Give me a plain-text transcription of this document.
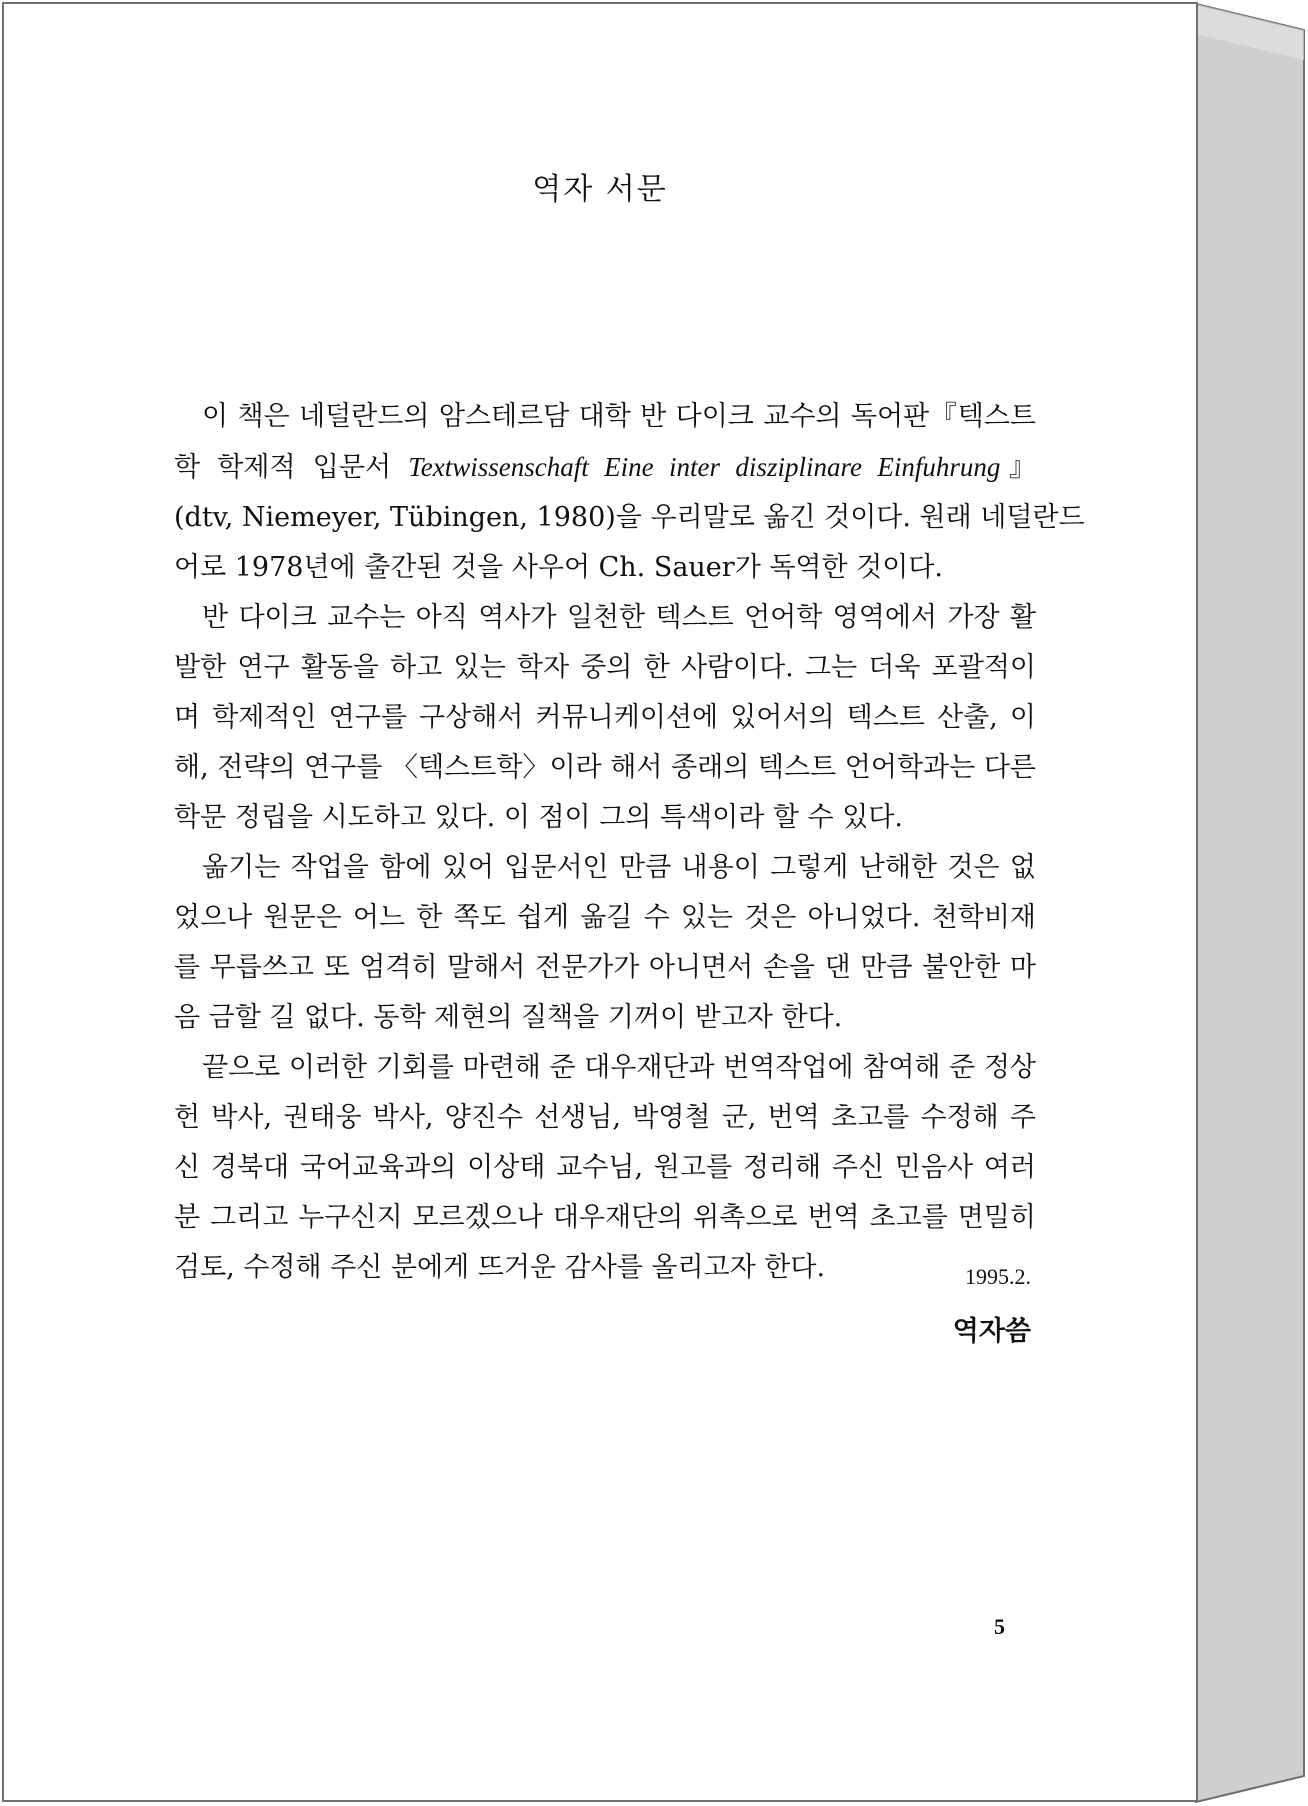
역자 서문
이 책은 네덜란드의 암스테르담 대학 반 다이크 교수의 독어판『텍스트
학 학제적 입문서 Textwissenschaft Eine inter disziplinare Einfuhrung』
(dtv, Niemeyer, Tübingen, 1980)을 우리말로 옮긴 것이다. 원래 네덜란드
어로 1978년에 출간된 것을 사우어 Ch. Sauer가 독역한 것이다.
반 다이크 교수는 아직 역사가 일천한 텍스트 언어학 영역에서 가장 활
발한 연구 활동을 하고 있는 학자 중의 한 사람이다. 그는 더욱 포괄적이
며 학제적인 연구를 구상해서 커뮤니케이션에 있어서의 텍스트 산출, 이
해, 전략의 연구를 〈텍스트학〉이라 해서 종래의 텍스트 언어학과는 다른
학문 정립을 시도하고 있다. 이 점이 그의 특색이라 할 수 있다.
옮기는 작업을 함에 있어 입문서인 만큼 내용이 그렇게 난해한 것은 없
었으나 원문은 어느 한 쪽도 쉽게 옮길 수 있는 것은 아니었다. 천학비재
를 무릅쓰고 또 엄격히 말해서 전문가가 아니면서 손을 댄 만큼 불안한 마
음 금할 길 없다. 동학 제현의 질책을 기꺼이 받고자 한다.
끝으로 이러한 기회를 마련해 준 대우재단과 번역작업에 참여해 준 정상
헌 박사, 권태웅 박사, 양진수 선생님, 박영철 군, 번역 초고를 수정해 주
신 경북대 국어교육과의 이상태 교수님, 원고를 정리해 주신 민음사 여러
분 그리고 누구신지 모르겠으나 대우재단의 위촉으로 번역 초고를 면밀히
검토, 수정해 주신 분에게 뜨거운 감사를 올리고자 한다.	1995.2.
역자씀
5
